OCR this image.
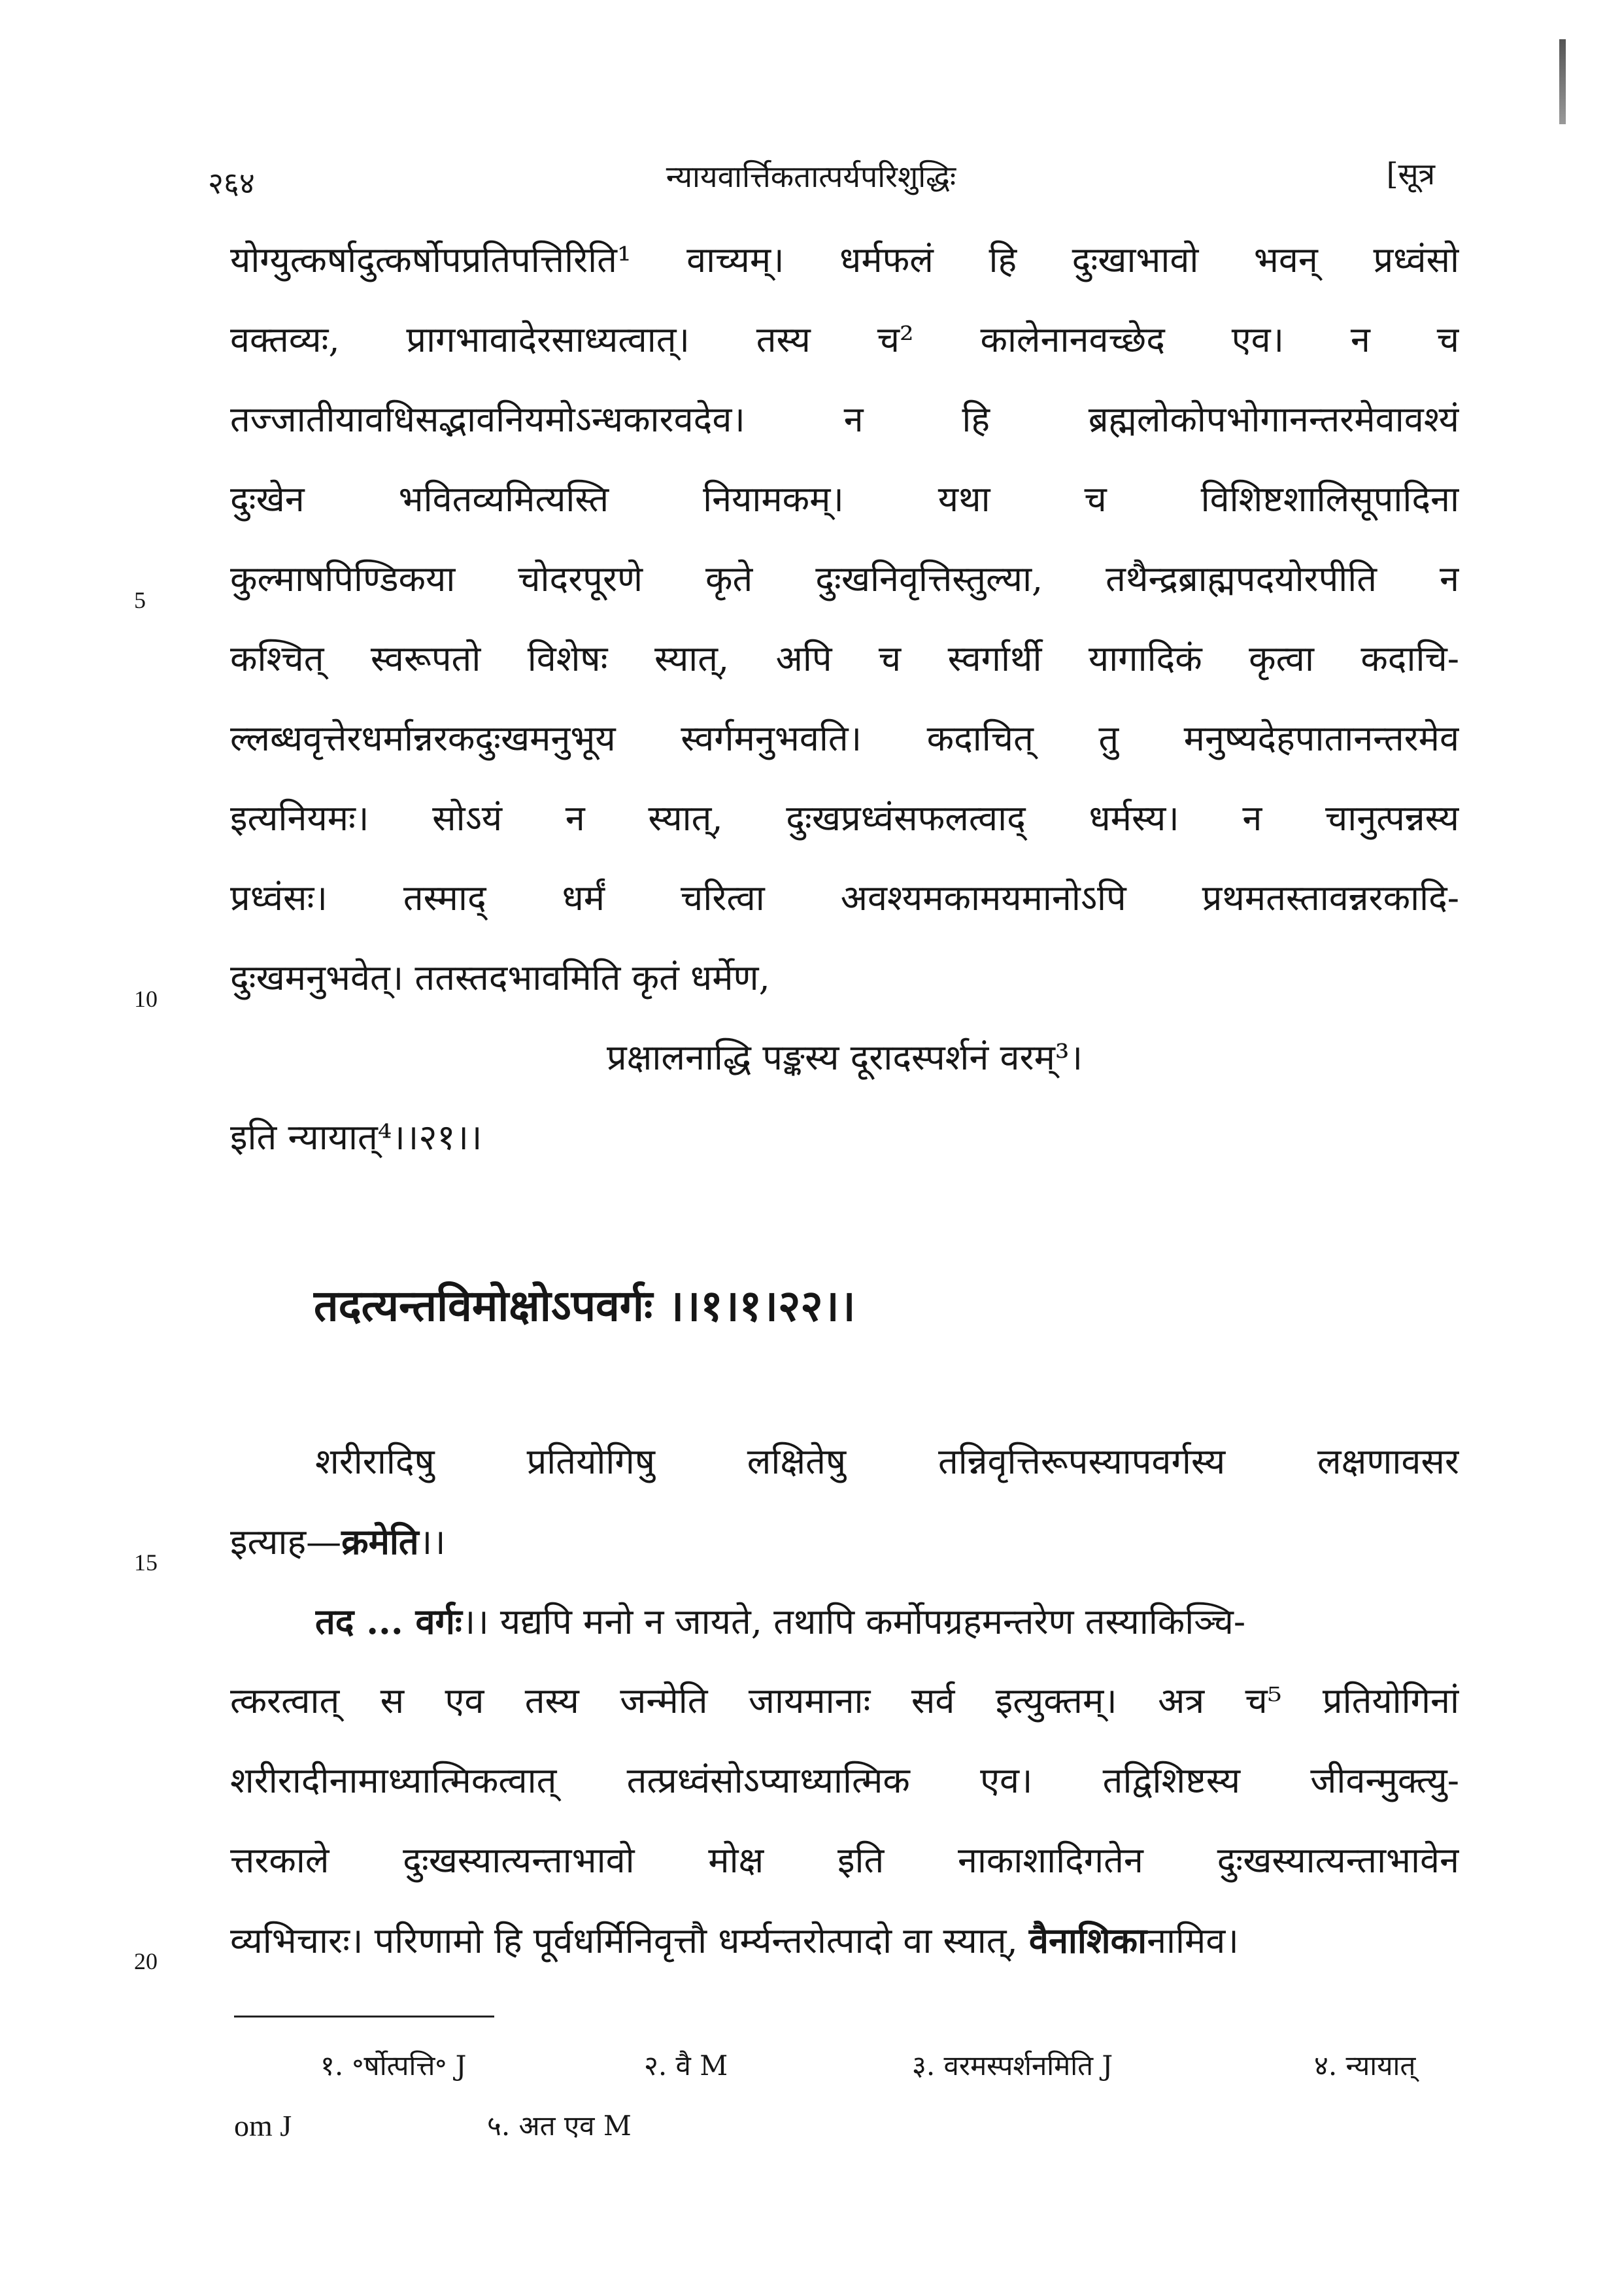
२६४	न्यायवार्त्तिकतात्पर्यपरिशुद्धिः	[सूत्र
योग्युत्कर्षादुत्कर्षोपप्रतिपत्तिरिति¹ वाच्यम्। धर्मफलं हि दुःखाभावो भवन् प्रध्वंसो
वक्तव्यः, प्रागभावादेरसाध्यत्वात्। तस्य च² कालेनानवच्छेद एव। न च
तज्जातीयावधिसद्भावनियमोऽन्धकारवदेव। न हि ब्रह्मलोकोपभोगानन्तरमेवावश्यं
दुःखेन भवितव्यमित्यस्ति नियामकम्। यथा च विशिष्टशालिसूपादिना
कुल्माषपिण्डिकया चोदरपूरणे कृते दुःखनिवृत्तिस्तुल्या, तथैन्द्रब्राह्मपदयोरपीति न
5
कश्चित् स्वरूपतो विशेषः स्यात्, अपि च स्वर्गार्थी यागादिकं कृत्वा कदाचि-
ल्लब्धवृत्तेरधर्मान्नरकदुःखमनुभूय स्वर्गमनुभवति। कदाचित् तु मनुष्यदेहपातानन्तरमेव
इत्यनियमः। सोऽयं न स्यात्, दुःखप्रध्वंसफलत्वाद् धर्मस्य। न चानुत्पन्नस्य
प्रध्वंसः। तस्माद् धर्मं चरित्वा अवश्यमकामयमानोऽपि प्रथमतस्तावन्नरकादि-
दुःखमनुभवेत्। ततस्तदभावमिति कृतं धर्मेण,
10
प्रक्षालनाद्धि पङ्कस्य दूरादस्पर्शनं वरम्³।
इति न्यायात्⁴।।२१।।
तदत्यन्तविमोक्षोऽपवर्गः ।।१।१।२२।।
शरीरादिषु प्रतियोगिषु लक्षितेषु तन्निवृत्तिरूपस्यापवर्गस्य लक्षणावसर
इत्याह—क्रमेति।।
15
तद ... वर्गः।। यद्यपि मनो न जायते, तथापि कर्मोपग्रहमन्तरेण तस्याकिञ्चि-
त्करत्वात् स एव तस्य जन्मेति जायमानाः सर्व इत्युक्तम्। अत्र च⁵ प्रतियोगिनां
शरीरादीनामाध्यात्मिकत्वात् तत्प्रध्वंसोऽप्याध्यात्मिक एव। तद्विशिष्टस्य जीवन्मुक्त्यु-
त्तरकाले दुःखस्यात्यन्ताभावो मोक्ष इति नाकाशादिगतेन दुःखस्यात्यन्ताभावेन
व्यभिचारः। परिणामो हि पूर्वधर्मिनिवृत्तौ धर्म्यन्तरोत्पादो वा स्यात्, वैनाशिकानामिव।
20
१. ॰र्षोत्पत्ति॰ J	२. वै M	३. वरमस्पर्शनमिति J	४. न्यायात्
om J	५. अत एव M
